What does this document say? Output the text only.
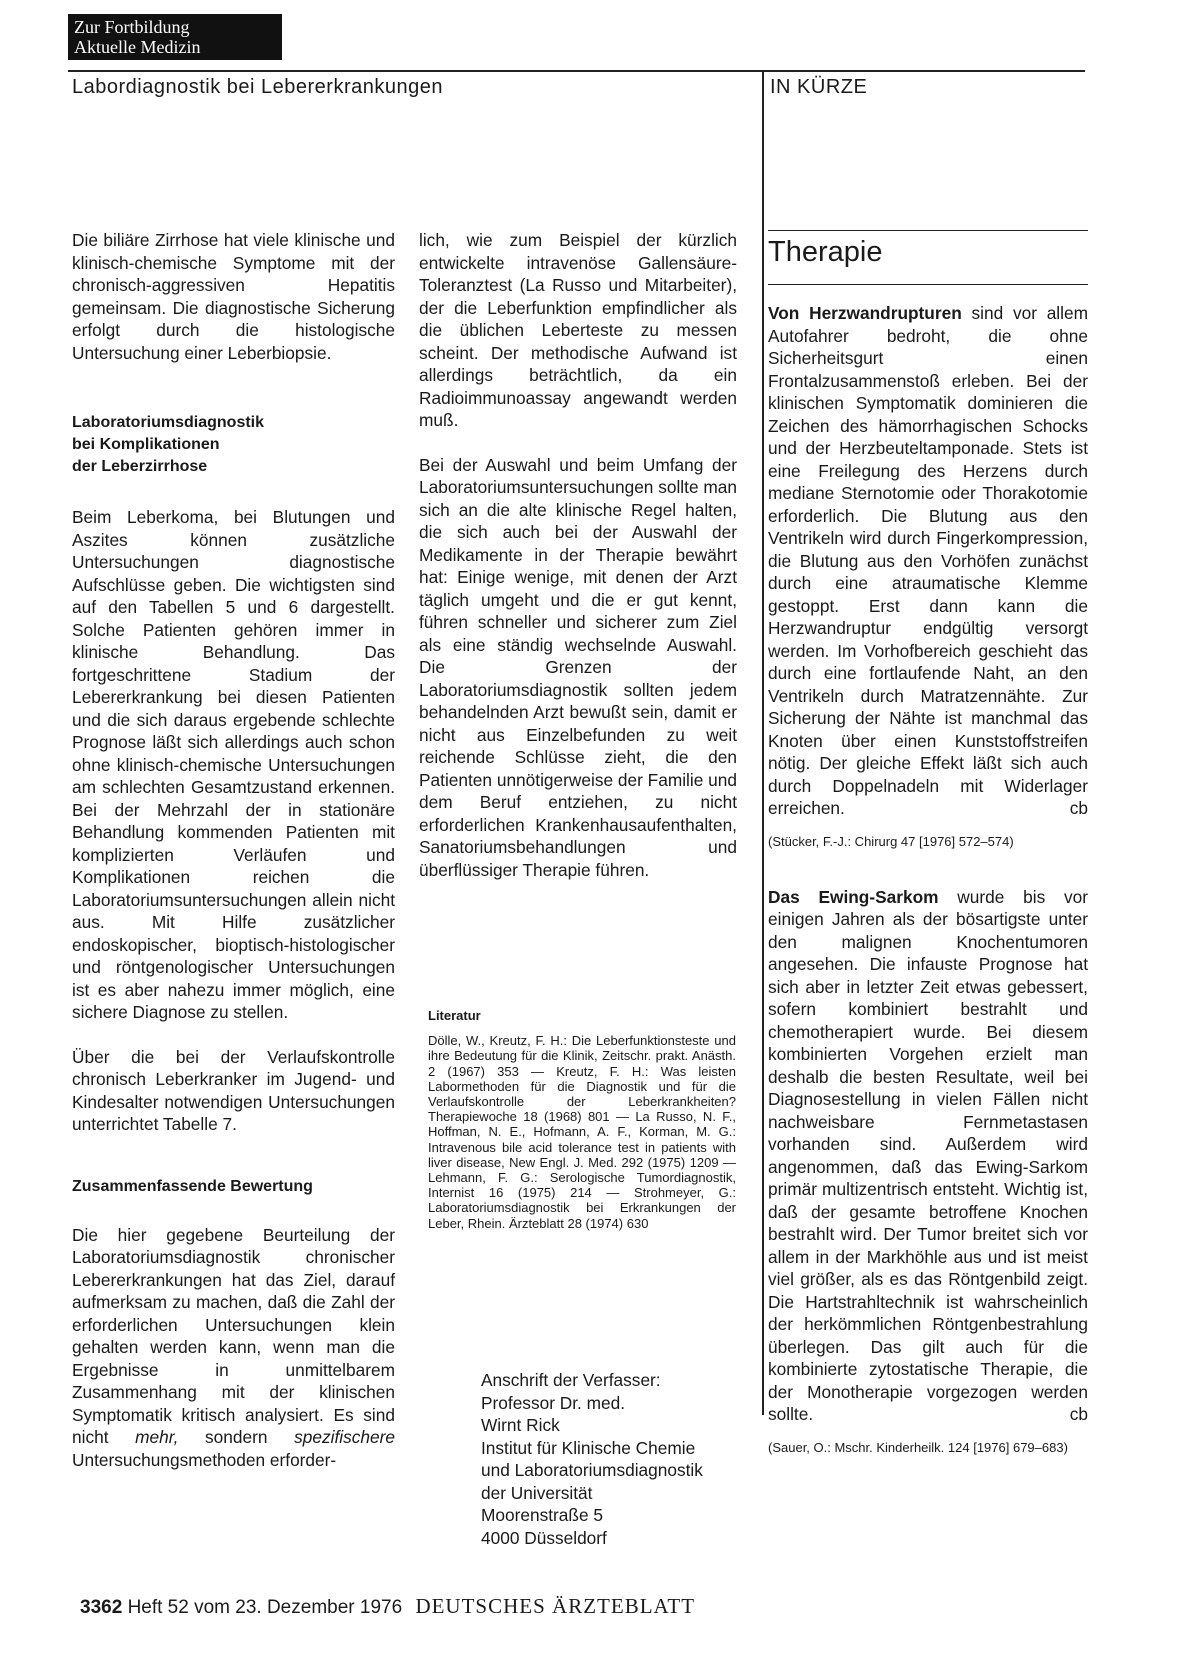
Zur Fortbildung
Aktuelle Medizin
Labordiagnostik bei Lebererkrankungen	IN KÜRZE

Die biliäre Zirrhose hat viele klinische und klinisch-chemische Symptome mit der chronisch-aggressiven Hepatitis gemeinsam. Die diagnostische Sicherung erfolgt durch die histologische Untersuchung einer Leberbiopsie.

Laboratoriumsdiagnostik
bei Komplikationen
der Leberzirrhose

Beim Leberkoma, bei Blutungen und Aszites können zusätzliche Untersuchungen diagnostische Aufschlüsse geben. Die wichtigsten sind auf den Tabellen 5 und 6 dargestellt. Solche Patienten gehören immer in klinische Behandlung. Das fortgeschrittene Stadium der Lebererkrankung bei diesen Patienten und die sich daraus ergebende schlechte Prognose läßt sich allerdings auch schon ohne klinisch-chemische Untersuchungen am schlechten Gesamtzustand erkennen. Bei der Mehrzahl der in stationäre Behandlung kommenden Patienten mit komplizierten Verläufen und Komplikationen reichen die Laboratoriumsuntersuchungen allein nicht aus. Mit Hilfe zusätzlicher endoskopischer, bioptisch-histologischer und röntgenologischer Untersuchungen ist es aber nahezu immer möglich, eine sichere Diagnose zu stellen.

Über die bei der Verlaufskontrolle chronisch Leberkranker im Jugend- und Kindesalter notwendigen Untersuchungen unterrichtet Tabelle 7.

Zusammenfassende Bewertung

Die hier gegebene Beurteilung der Laboratoriumsdiagnostik chronischer Lebererkrankungen hat das Ziel, darauf aufmerksam zu machen, daß die Zahl der erforderlichen Untersuchungen klein gehalten werden kann, wenn man die Ergebnisse in unmittelbarem Zusammenhang mit der klinischen Symptomatik kritisch analysiert. Es sind nicht mehr, sondern spezifischere Untersuchungsmethoden erforder-

lich, wie zum Beispiel der kürzlich entwickelte intravenöse Gallensäure-Toleranztest (La Russo und Mitarbeiter), der die Leberfunktion empfindlicher als die üblichen Leberteste zu messen scheint. Der methodische Aufwand ist allerdings beträchtlich, da ein Radioimmunoassay angewandt werden muß.

Bei der Auswahl und beim Umfang der Laboratoriumsuntersuchungen sollte man sich an die alte klinische Regel halten, die sich auch bei der Auswahl der Medikamente in der Therapie bewährt hat: Einige wenige, mit denen der Arzt täglich umgeht und die er gut kennt, führen schneller und sicherer zum Ziel als eine ständig wechselnde Auswahl. Die Grenzen der Laboratoriumsdiagnostik sollten jedem behandelnden Arzt bewußt sein, damit er nicht aus Einzelbefunden zu weit reichende Schlüsse zieht, die den Patienten unnötigerweise der Familie und dem Beruf entziehen, zu nicht erforderlichen Krankenhausaufenthalten, Sanatoriumsbehandlungen und überflüssiger Therapie führen.

Literatur

Dölle, W., Kreutz, F. H.: Die Leberfunktionsteste und ihre Bedeutung für die Klinik, Zeitschr. prakt. Anästh. 2 (1967) 353 — Kreutz, F. H.: Was leisten Labormethoden für die Diagnostik und für die Verlaufskontrolle der Leberkrankheiten? Therapiewoche 18 (1968) 801 — La Russo, N. F., Hoffman, N. E., Hofmann, A. F., Korman, M. G.: Intravenous bile acid tolerance test in patients with liver disease, New Engl. J. Med. 292 (1975) 1209 — Lehmann, F. G.: Serologische Tumordiagnostik, Internist 16 (1975) 214 — Strohmeyer, G.: Laboratoriumsdiagnostik bei Erkrankungen der Leber, Rhein. Ärzteblatt 28 (1974) 630

Anschrift der Verfasser:
Professor Dr. med.
Wirnt Rick
Institut für Klinische Chemie
und Laboratoriumsdiagnostik
der Universität
Moorenstraße 5
4000 Düsseldorf
Therapie

Von Herzwandrupturen sind vor allem Autofahrer bedroht, die ohne Sicherheitsgurt einen Frontalzusammenstoß erleben. Bei der klinischen Symptomatik dominieren die Zeichen des hämorrhagischen Schocks und der Herzbeuteltamponade. Stets ist eine Freilegung des Herzens durch mediane Sternotomie oder Thorakotomie erforderlich. Die Blutung aus den Ventrikeln wird durch Fingerkompression, die Blutung aus den Vorhöfen zunächst durch eine atraumatische Klemme gestoppt. Erst dann kann die Herzwandruptur endgültig versorgt werden. Im Vorhofbereich geschieht das durch eine fortlaufende Naht, an den Ventrikeln durch Matratzennähte. Zur Sicherung der Nähte ist manchmal das Knoten über einen Kunststoffstreifen nötig. Der gleiche Effekt läßt sich auch durch Doppelnadeln mit Widerlager erreichen.	cb

(Stücker, F.-J.: Chirurg 47 [1976] 572–574)

Das Ewing-Sarkom wurde bis vor einigen Jahren als der bösartigste unter den malignen Knochentumoren angesehen. Die infauste Prognose hat sich aber in letzter Zeit etwas gebessert, sofern kombiniert bestrahlt und chemotherapiert wurde. Bei diesem kombinierten Vorgehen erzielt man deshalb die besten Resultate, weil bei Diagnosestellung in vielen Fällen nicht nachweisbare Fernmetastasen vorhanden sind. Außerdem wird angenommen, daß das Ewing-Sarkom primär multizentrisch entsteht. Wichtig ist, daß der gesamte betroffene Knochen bestrahlt wird. Der Tumor breitet sich vor allem in der Markhöhle aus und ist meist viel größer, als es das Röntgenbild zeigt. Die Hartstrahltechnik ist wahrscheinlich der herkömmlichen Röntgenbestrahlung überlegen. Das gilt auch für die kombinierte zytostatische Therapie, die der Monotherapie vorgezogen werden sollte.	cb

(Sauer, O.: Mschr. Kinderheilk. 124 [1976] 679–683)

3362 Heft 52 vom 23. Dezember 1976 DEUTSCHES ÄRZTEBLATT
